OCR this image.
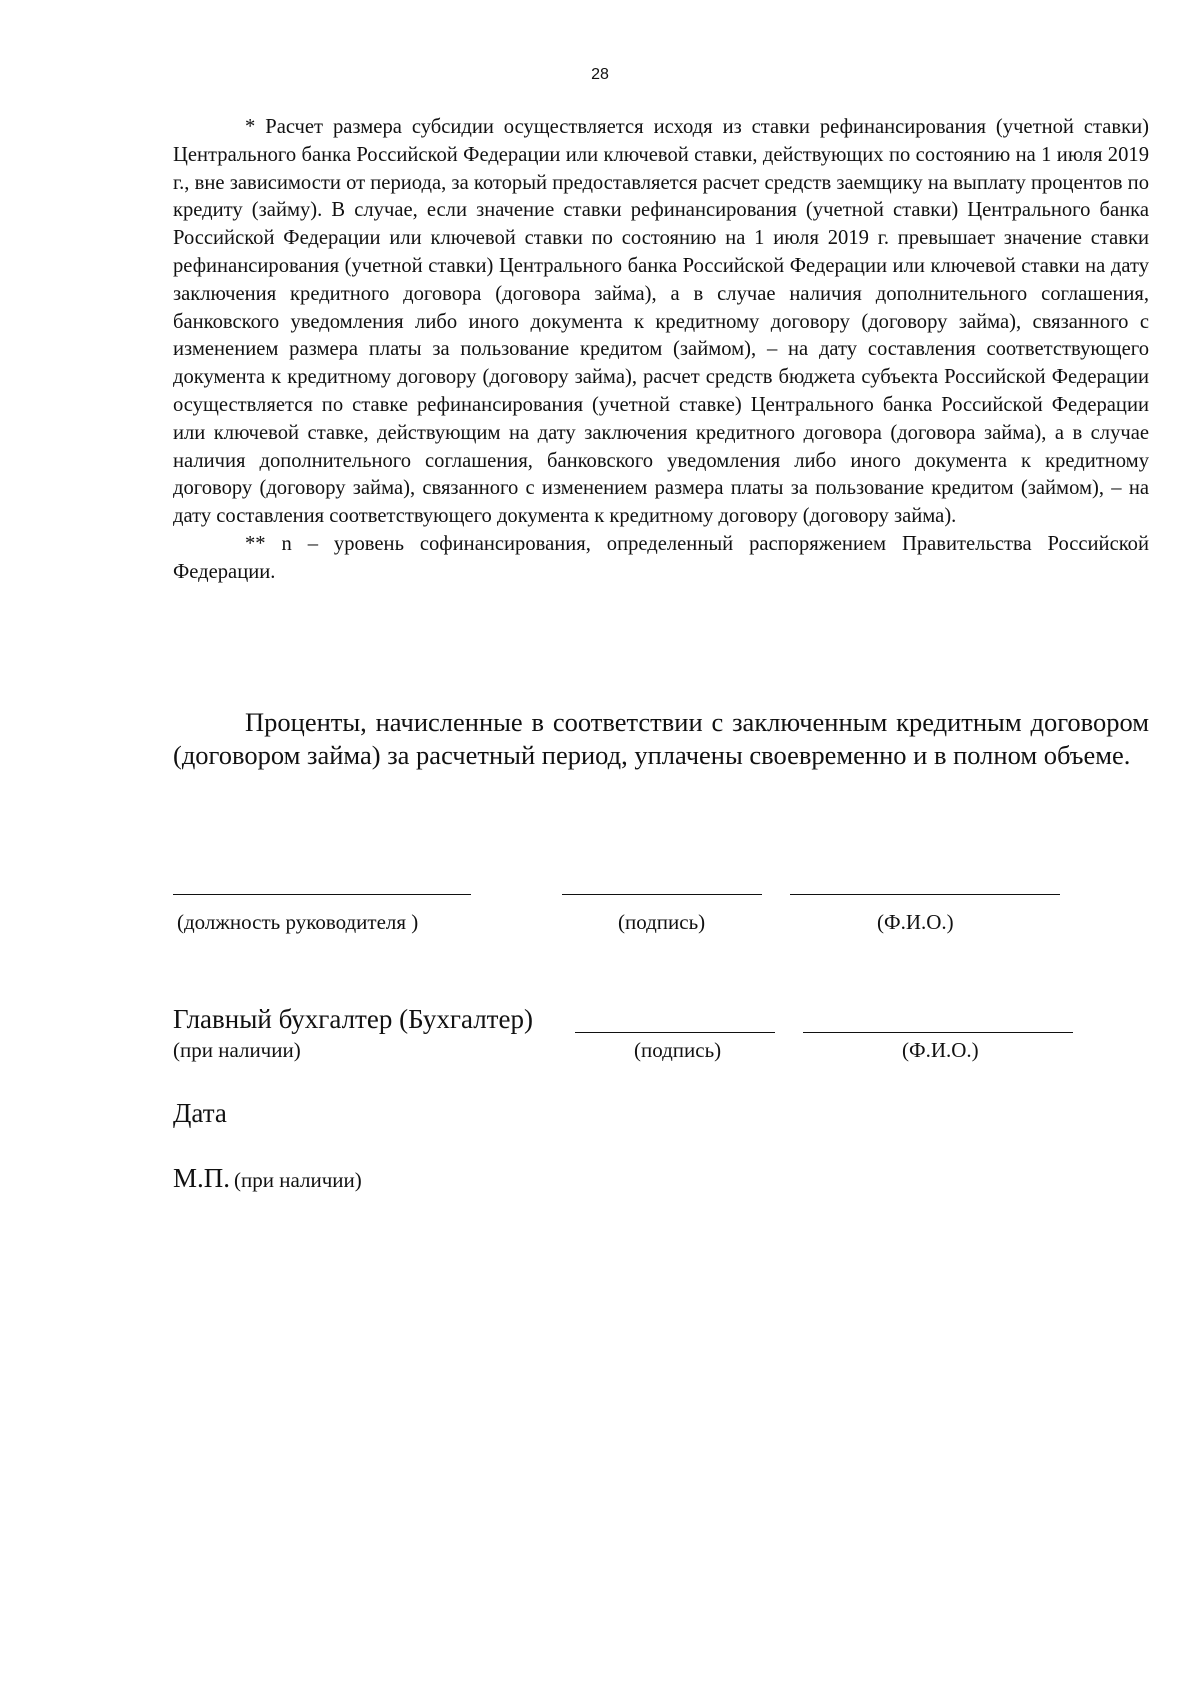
28

* Расчет размера субсидии осуществляется исходя из ставки рефинансирования (учетной ставки) Центрального банка Российской Федерации или ключевой ставки, действующих по состоянию на 1 июля 2019 г., вне зависимости от периода, за который предоставляется расчет средств заемщику на выплату процентов по кредиту (займу). В случае, если значение ставки рефинансирования (учетной ставки) Центрального банка Российской Федерации или ключевой ставки по состоянию на 1 июля 2019 г. превышает значение ставки рефинансирования (учетной ставки) Центрального банка Российской Федерации или ключевой ставки на дату заключения кредитного договора (договора займа), а в случае наличия дополнительного соглашения, банковского уведомления либо иного документа к кредитному договору (договору займа), связанного с изменением размера платы за пользование кредитом (займом), – на дату составления соответствующего документа к кредитному договору (договору займа), расчет средств бюджета субъекта Российской Федерации осуществляется по ставке рефинансирования (учетной ставке) Центрального банка Российской Федерации или ключевой ставке, действующим на дату заключения кредитного договора (договора займа), а в случае наличия дополнительного соглашения, банковского уведомления либо иного документа к кредитному договору (договору займа), связанного с изменением размера платы за пользование кредитом (займом), – на дату составления соответствующего документа к кредитному договору (договору займа).

** n – уровень софинансирования, определенный распоряжением Правительства Российской Федерации.

Проценты, начисленные в соответствии с заключенным кредитным договором (договором займа) за расчетный период, уплачены своевременно и в полном объеме.

(должность руководителя )	(подпись)	(Ф.И.О.)
Главный бухгалтер (Бухгалтер)
(при наличии)	(подпись)	(Ф.И.О.)
Дата
М.П. (при наличии)
